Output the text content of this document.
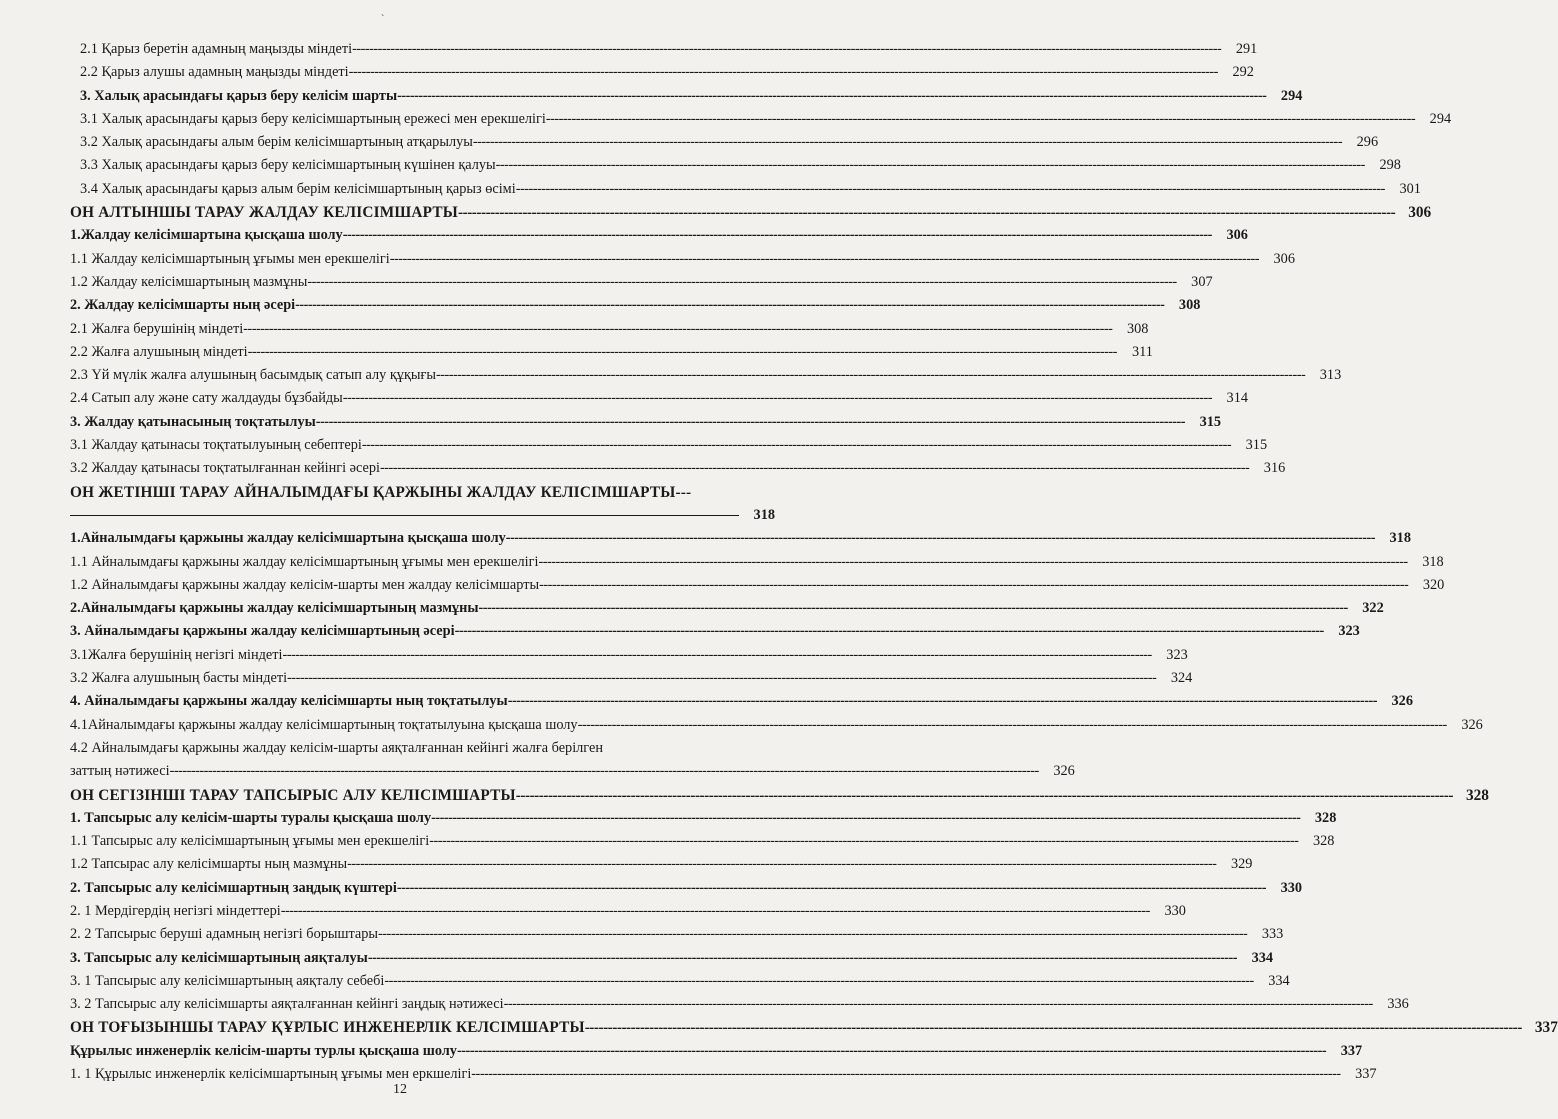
ˋ
2.1 Қарыз беретін адамның маңызды міндеті -----	291
2.2 Қарыз алушы адамның маңызды міндеті -----	292
3. Халық арасындағы қарыз беру келісім шарты -----	294
3.1 Халық арасындағы қарыз беру келісімшартының ережесі мен ерекшелігі -----	294
3.2 Халық арасындағы алым берім келісімшартының атқарылуы -----	296
3.3 Халық арасындағы қарыз беру келісімшартының күшінен қалуы -----	298
3.4 Халық арасындағы қарыз алым берім келісімшартының қарыз өсімі -----	301
ОН АЛТЫНШЫ ТАРАУ ЖАЛДАУ КЕЛІСІМШАРТЫ -----	306
1.Жалдау келісімшартына қысқаша шолу -----	306
1.1 Жалдау келісімшартының ұғымы мен ерекшелігі -----	306
1.2 Жалдау келісімшартының мазмұны -----	307
2. Жалдау келісімшарты ның әсері -----	308
2.1 Жалға берушінің міндеті -----	308
2.2 Жалға алушының міндеті -----	311
2.3 Үй мүлік жалға алушының басымдық сатып алу құқығы -----	313
2.4 Сатып алу және сату жалдауды бұзбайды -----	314
3. Жалдау қатынасының тоқтатылуы -----	315
3.1 Жалдау қатынасы тоқтатылуының себептері -----	315
3.2 Жалдау қатынасы тоқтатылғаннан кейінгі әсері -----	316
ОН ЖЕТІНШІ ТАРАУ АЙНАЛЫМДАҒЫ ҚАРЖЫНЫ ЖАЛДАУ КЕЛІСІМШАРТЫ---
318
1.Айналымдағы қаржыны жалдау келісімшартына қысқаша шолу -----	318
1.1 Айналымдағы қаржыны жалдау келісімшартының ұғымы мен ерекшелігі -----	318
1.2 Айналымдағы қаржыны жалдау келісім-шарты мен жалдау келісімшарты -----	320
2.Айналымдағы қаржыны жалдау келісімшартының мазмұны -----	322
3. Айналымдағы қаржыны жалдау келісімшартының әсері -----	323
3.1Жалға берушінің негізгі міндеті -----	323
3.2 Жалға алушының басты міндеті -----	324
4. Айналымдағы қаржыны жалдау келісімшарты ның тоқтатылуы -----	326
4.1Айналымдағы қаржыны жалдау келісімшартының тоқтатылуына қысқаша шолу -----	326
4.2 Айналымдағы қаржыны жалдау келісім-шарты аяқталғаннан кейінгі жалға берілген
заттың нәтижесі -----	326
ОН СЕГІЗІНШІ ТАРАУ ТАПСЫРЫС АЛУ КЕЛІСІМШАРТЫ -----	328
1. Тапсырыс алу келісім-шарты туралы қысқаша шолу -----	328
1.1 Тапсырыс алу келісімшартының ұғымы мен ерекшелігі -----	328
1.2 Тапсырас алу келісімшарты ның мазмұны -----	329
2. Тапсырыс алу келісімшартның заңдық күштері -----	330
2. 1 Мердігердің негізгі міндеттері -----	330
2. 2 Тапсырыс беруші адамның негізгі борыштары -----	333
3. Тапсырыс алу келісімшартының аяқталуы -----	334
3. 1 Тапсырыс алу келісімшартының аяқталу себебі -----	334
3. 2 Тапсырыс алу келісімшарты аяқталғаннан кейінгі заңдық нәтижесі -----	336
ОН ТОҒЫЗЫНШЫ ТАРАУ ҚҰРЛЫС ИНЖЕНЕРЛІК КЕЛСІМШАРТЫ -----	337
Құрылыс инженерлік келісім-шарты турлы қысқаша шолу -----	337
1. 1 Құрылыс инженерлік келісімшартының ұғымы мен еркшелігі -----	337
12
